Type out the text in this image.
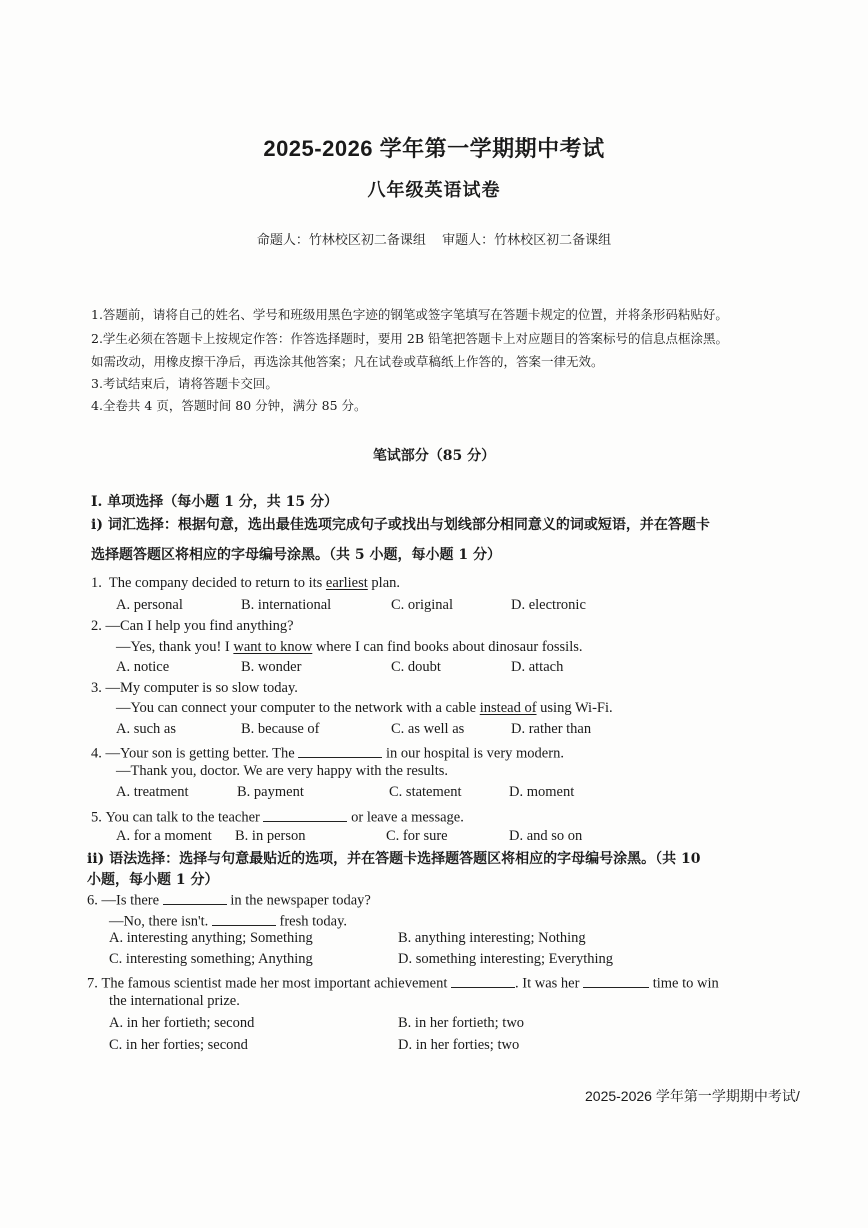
2025-2026 学年第一学期期中考试
八年级英语试卷
命题人：竹林校区初二备课组 审题人：竹林校区初二备课组
1.答题前，请将自己的姓名、学号和班级用黑色字迹的钢笔或签字笔填写在答题卡规定的位置，并将条形码粘贴好。
2.学生必须在答题卡上按规定作答：作答选择题时，要用 2B 铅笔把答题卡上对应题目的答案标号的信息点框涂黑。
如需改动，用橡皮擦干净后，再选涂其他答案；凡在试卷或草稿纸上作答的，答案一律无效。
3.考试结束后，请将答题卡交回。
4.全卷共 4 页，答题时间 80 分钟，满分 85 分。
笔试部分（85 分）
I. 单项选择（每小题 1 分，共 15 分）
i) 词汇选择：根据句意，选出最佳选项完成句子或找出与划线部分相同意义的词或短语，并在答题卡
选择题答题区将相应的字母编号涂黑。（共 5 小题，每小题 1 分）
1. The company decided to return to its earliest plan.
A. personal	B. international	C. original	D. electronic
2. —Can I help you find anything?
—Yes, thank you! I want to know where I can find books about dinosaur fossils.
A. notice	B. wonder	C. doubt	D. attach
3. —My computer is so slow today.
—You can connect your computer to the network with a cable instead of using Wi-Fi.
A. such as	B. because of	C. as well as	D. rather than
4. —Your son is getting better. The	in our hospital is very modern.
—Thank you, doctor. We are very happy with the results.
A. treatment	B. payment	C. statement	D. moment
5. You can talk to the teacher	or leave a message.
A. for a moment B. in person	C. for sure	D. and so on
ii) 语法选择：选择与句意最贴近的选项，并在答题卡选择题答题区将相应的字母编号涂黑。（共 10
小题，每小题 1 分）
6. —Is there	in the newspaper today?
—No, there isn't.	fresh today.
A. interesting anything; Something	B. anything interesting; Nothing
C. interesting something; Anything	D. something interesting; Everything
7. The famous scientist made her most important achievement	. It was her	time to win
the international prize.
A. in her fortieth; second	B. in her fortieth; two
C. in her forties; second	D. in her forties; two
2025-2026 学年第一学期期中考试/
